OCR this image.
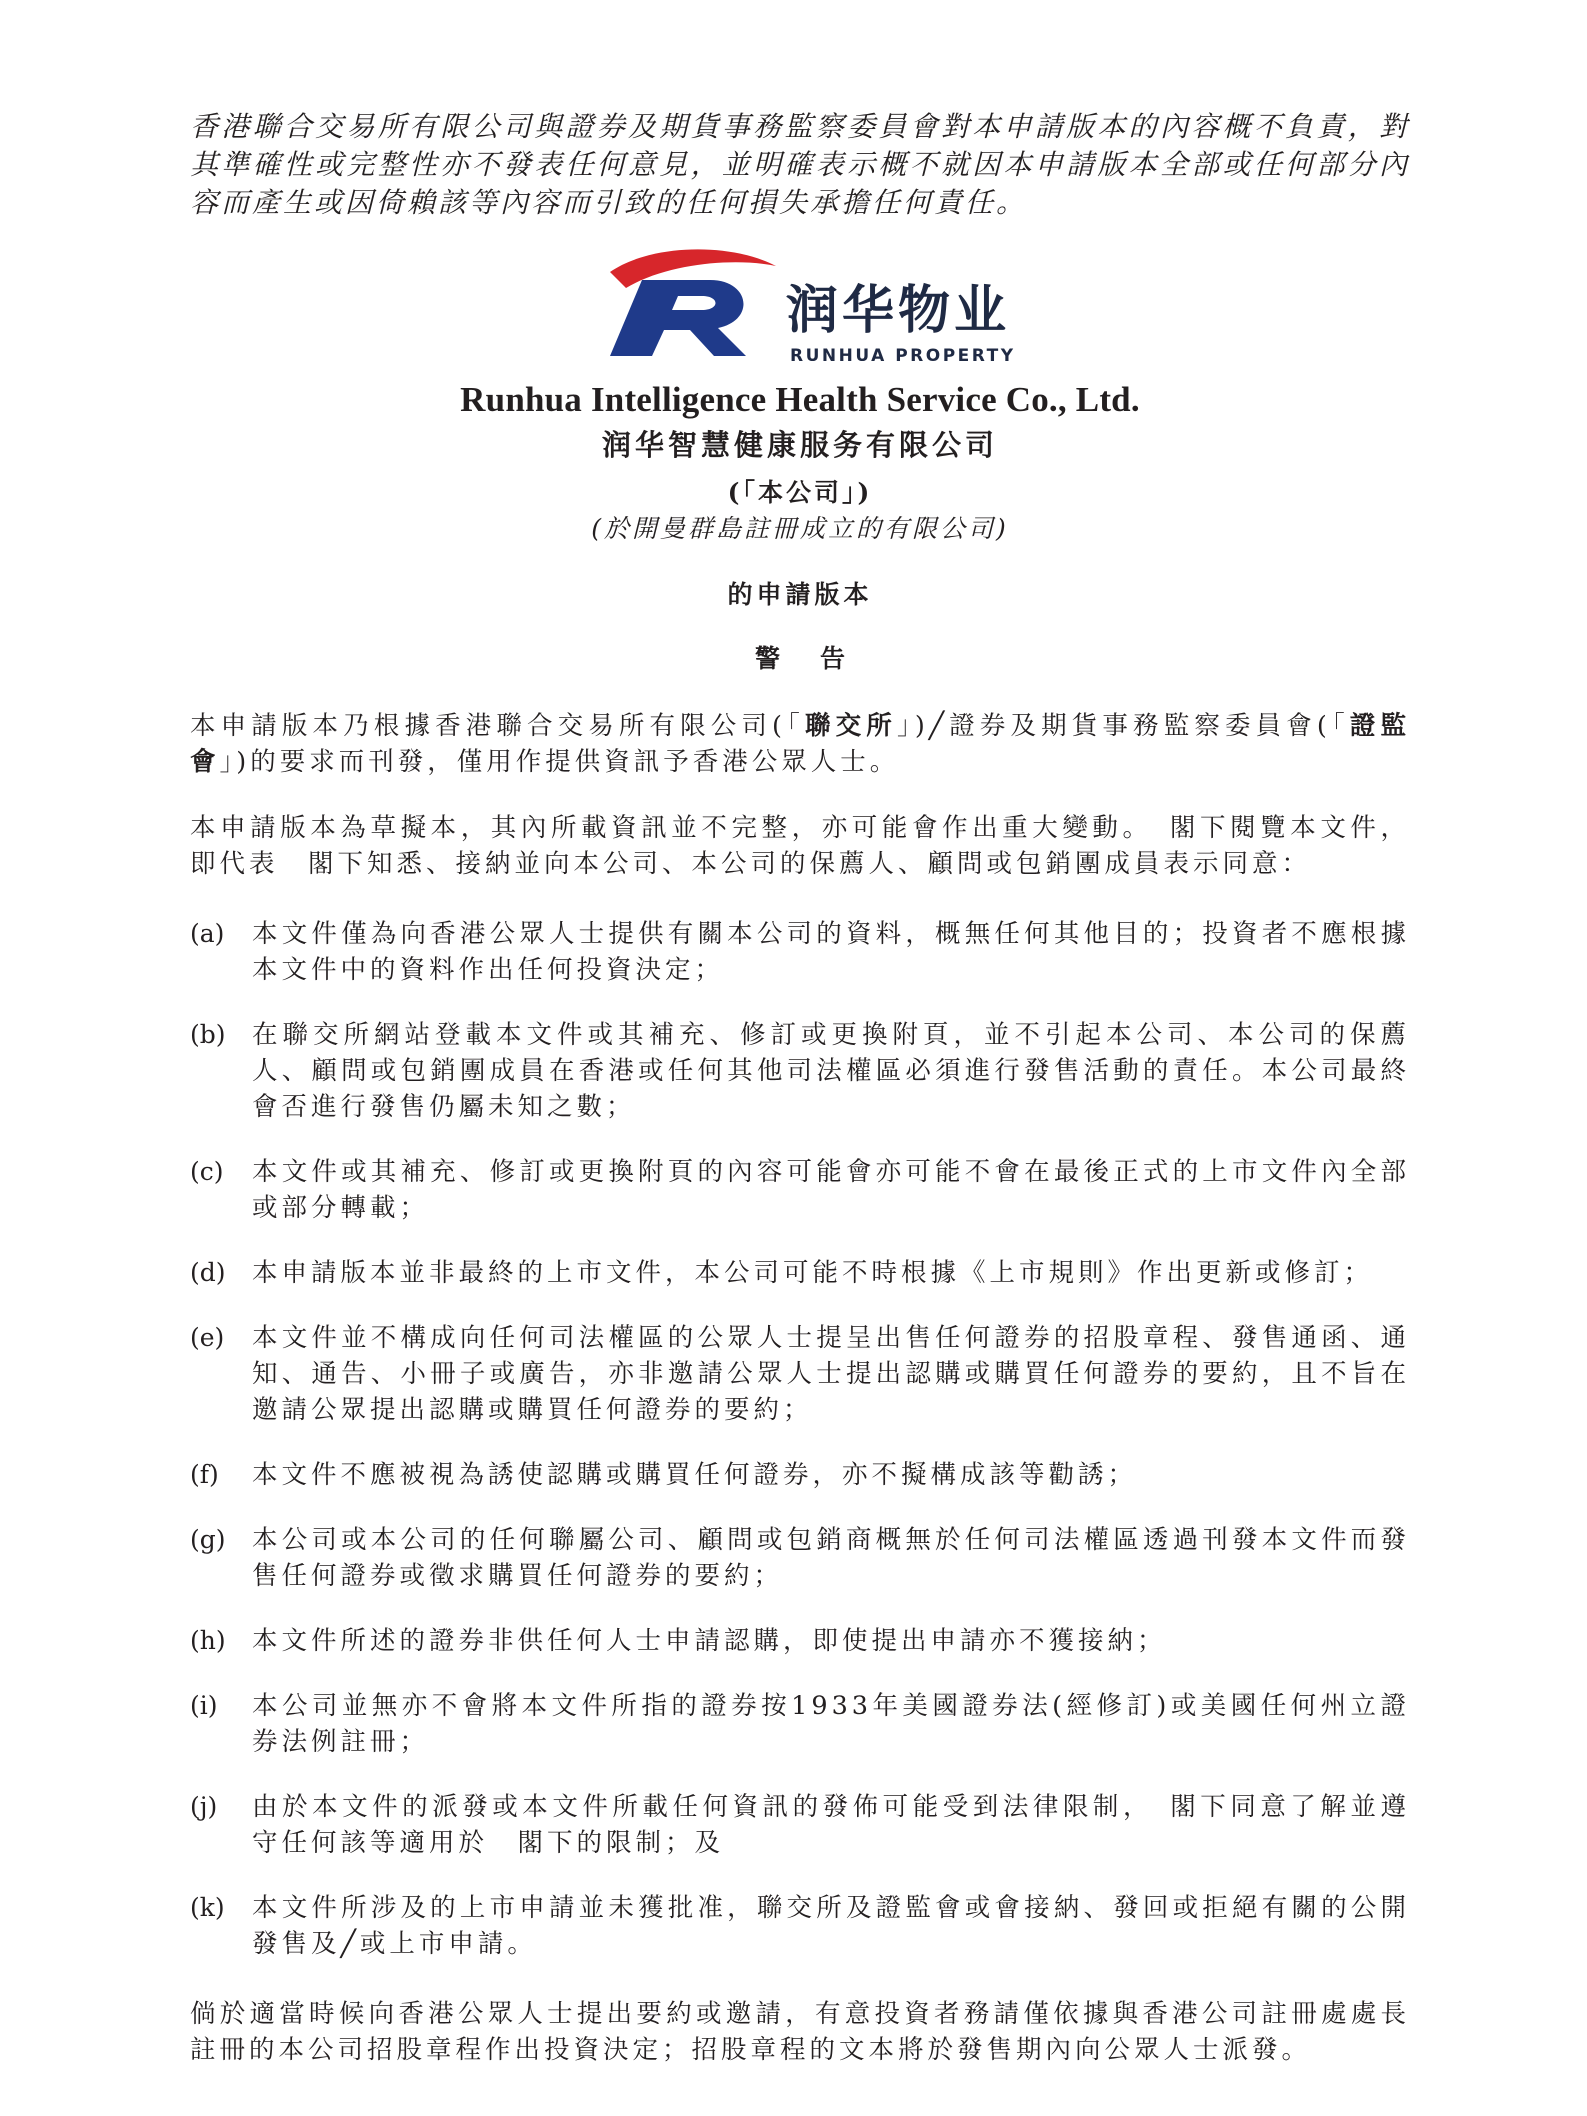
香港聯合交易所有限公司與證券及期貨事務監察委員會對本申請版本的內容概不負責，對其準確性或完整性亦不發表任何意見，並明確表示概不就因本申請版本全部或任何部分內容而產生或因倚賴該等內容而引致的任何損失承擔任何責任。

润华物业
RUNHUA PROPERTY
Runhua Intelligence Health Service Co., Ltd.
润华智慧健康服务有限公司
(「本公司」)
(於開曼群島註冊成立的有限公司)
的申請版本
警告

本申請版本乃根據香港聯合交易所有限公司(「聯交所」)╱證券及期貨事務監察委員會(「證監會」)的要求而刊發，僅用作提供資訊予香港公眾人士。

本申請版本為草擬本，其內所載資訊並不完整，亦可能會作出重大變動。　閣下閱覽本文件，即代表　閣下知悉、接納並向本公司、本公司的保薦人、顧問或包銷團成員表示同意：

(a)	本文件僅為向香港公眾人士提供有關本公司的資料，概無任何其他目的；投資者不應根據本文件中的資料作出任何投資決定；
(b)	在聯交所網站登載本文件或其補充、修訂或更換附頁，並不引起本公司、本公司的保薦人、顧問或包銷團成員在香港或任何其他司法權區必須進行發售活動的責任。本公司最終會否進行發售仍屬未知之數；
(c)	本文件或其補充、修訂或更換附頁的內容可能會亦可能不會在最後正式的上市文件內全部或部分轉載；
(d)	本申請版本並非最終的上市文件，本公司可能不時根據《上市規則》作出更新或修訂；
(e)	本文件並不構成向任何司法權區的公眾人士提呈出售任何證券的招股章程、發售通函、通知、通告、小冊子或廣告，亦非邀請公眾人士提出認購或購買任何證券的要約，且不旨在邀請公眾提出認購或購買任何證券的要約；
(f)	本文件不應被視為誘使認購或購買任何證券，亦不擬構成該等勸誘；
(g)	本公司或本公司的任何聯屬公司、顧問或包銷商概無於任何司法權區透過刊發本文件而發售任何證券或徵求購買任何證券的要約；
(h)	本文件所述的證券非供任何人士申請認購，即使提出申請亦不獲接納；
(i)	本公司並無亦不會將本文件所指的證券按1933年美國證券法(經修訂)或美國任何州立證券法例註冊；
(j)	由於本文件的派發或本文件所載任何資訊的發佈可能受到法律限制，　閣下同意了解並遵守任何該等適用於　閣下的限制；及
(k)	本文件所涉及的上市申請並未獲批准，聯交所及證監會或會接納、發回或拒絕有關的公開發售及╱或上市申請。

倘於適當時候向香港公眾人士提出要約或邀請，有意投資者務請僅依據與香港公司註冊處處長註冊的本公司招股章程作出投資決定；招股章程的文本將於發售期內向公眾人士派發。
